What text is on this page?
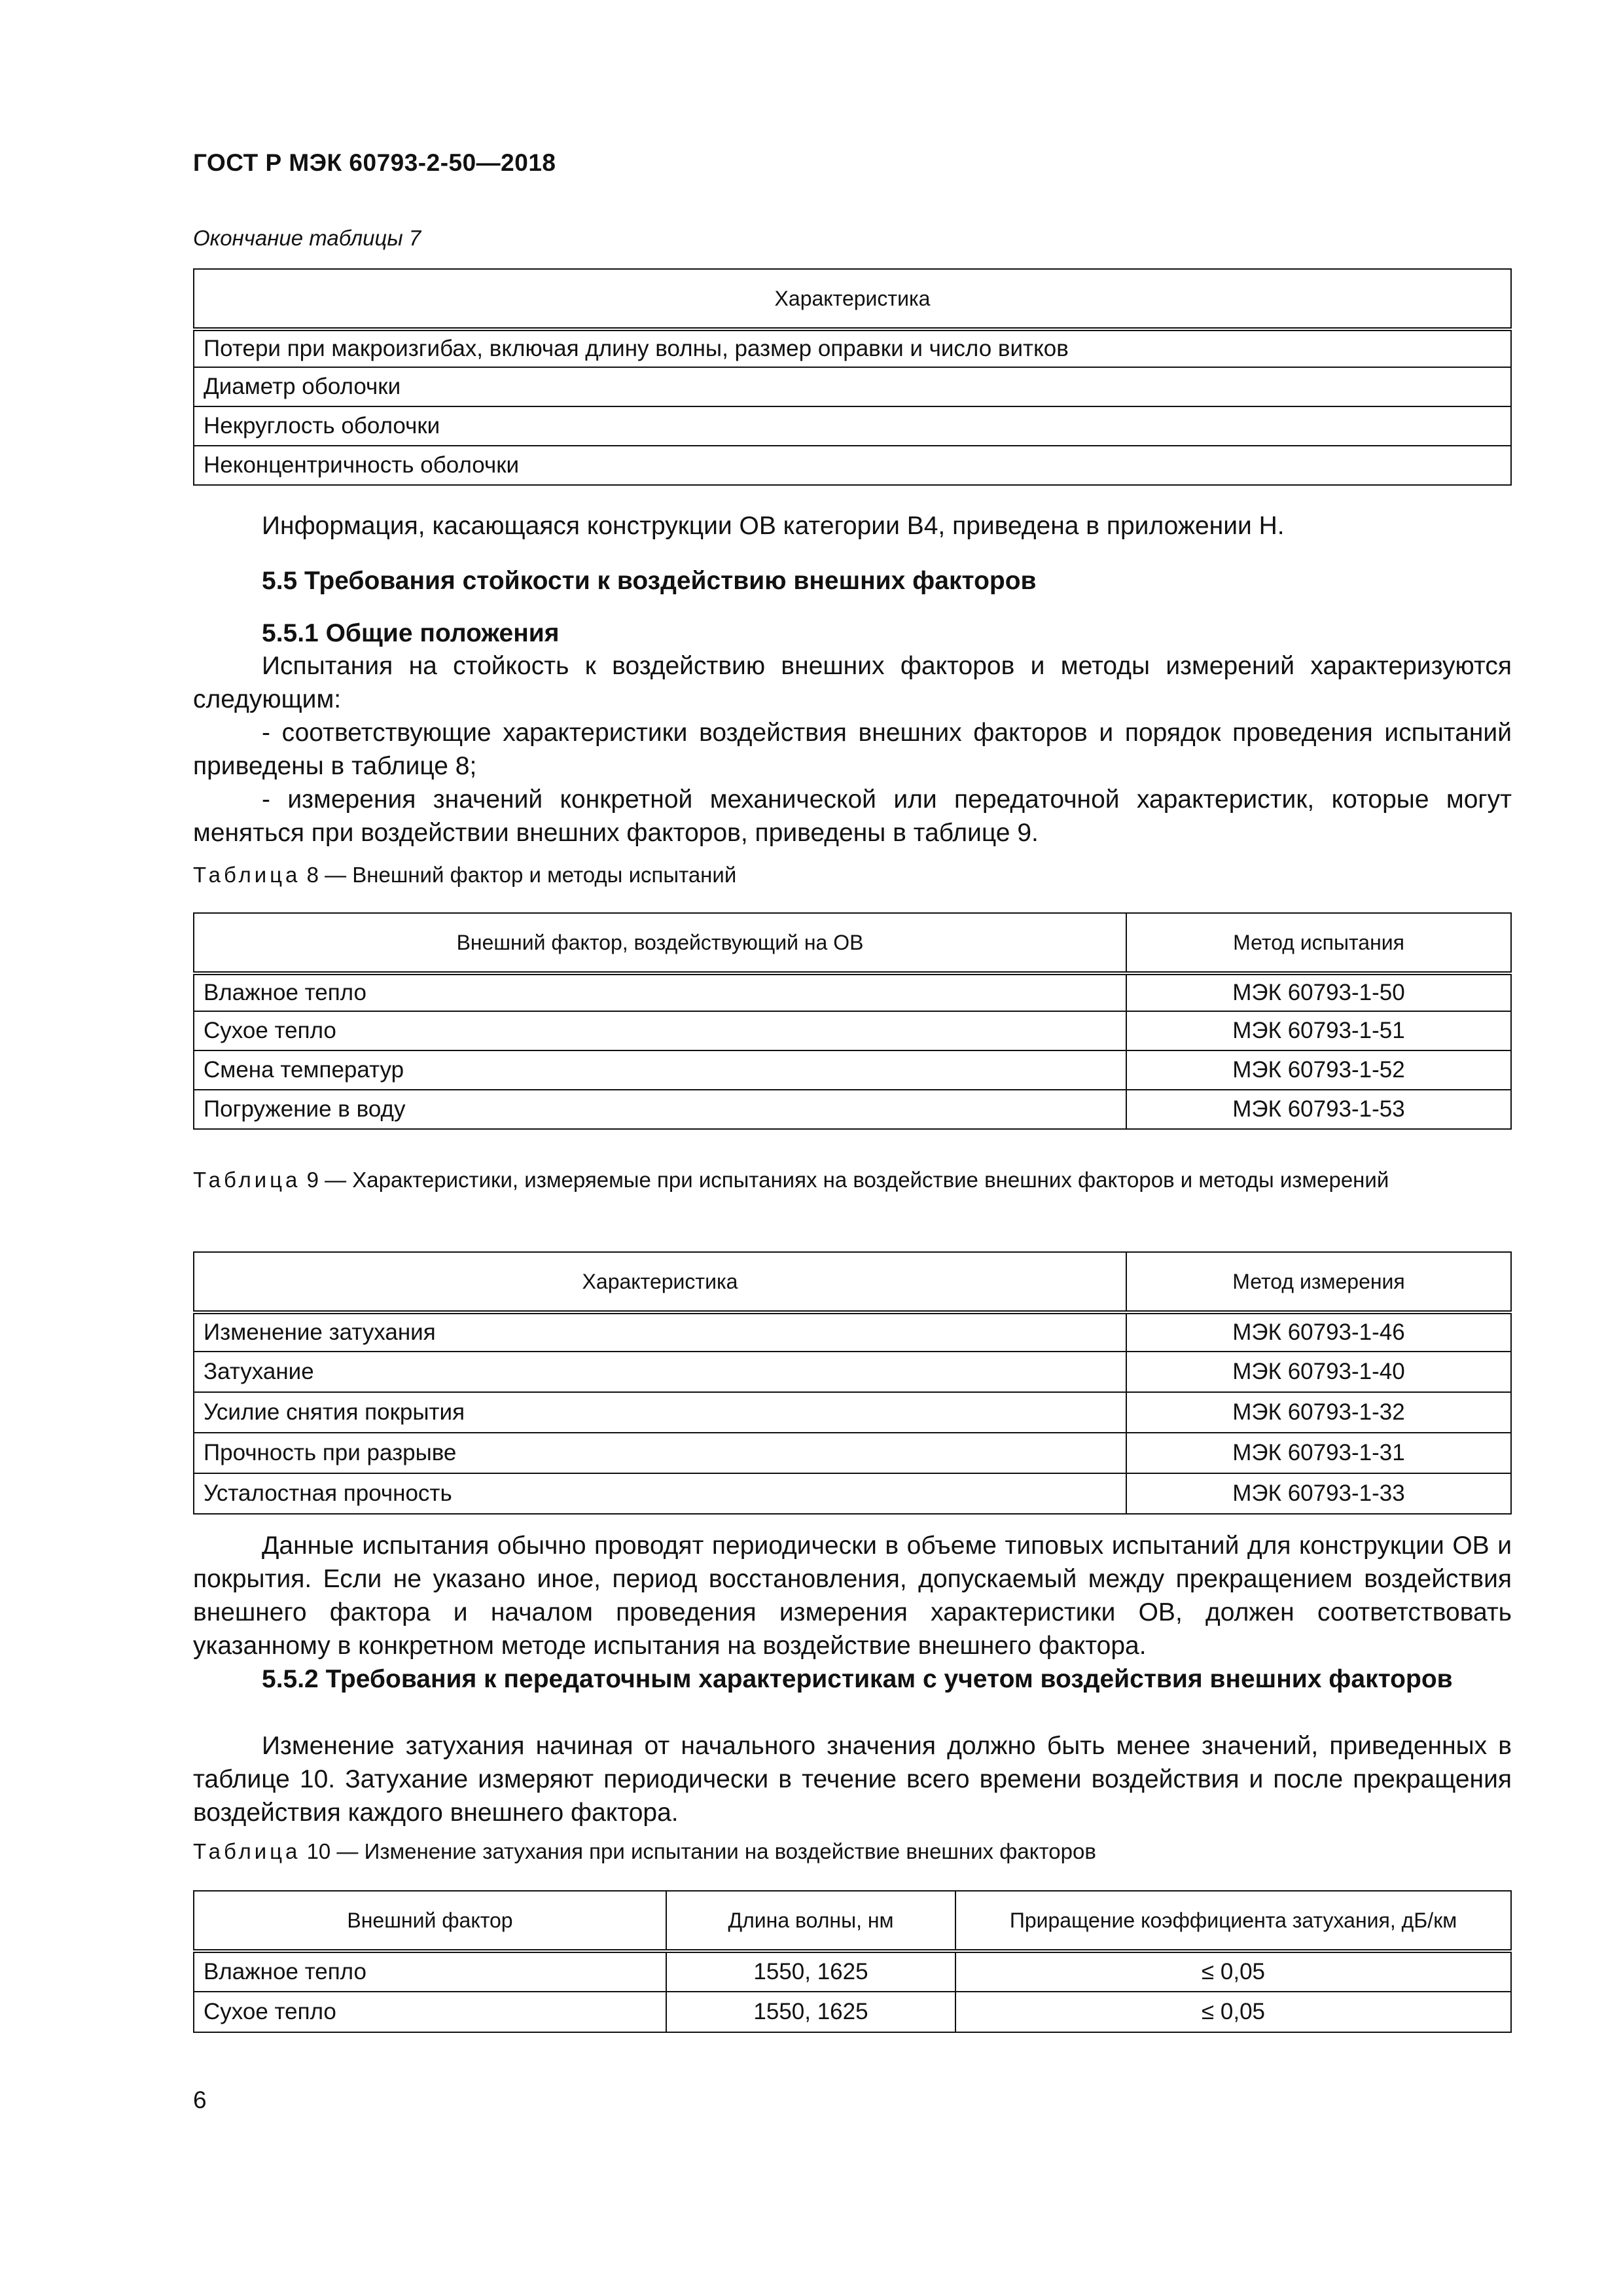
ГОСТ Р МЭК 60793-2-50—2018
Окончание таблицы 7
Характеристика
Потери при макроизгибах, включая длину волны, размер оправки и число витков
Диаметр оболочки
Некруглость оболочки
Неконцентричность оболочки
Информация, касающаяся конструкции ОВ категории В4, приведена в приложении Н.
5.5 Требования стойкости к воздействию внешних факторов
5.5.1 Общие положения
Испытания на стойкость к воздействию внешних факторов и методы измерений характеризуются следующим:
- соответствующие характеристики воздействия внешних факторов и порядок проведения испытаний приведены в таблице 8;
- измерения значений конкретной механической или передаточной характеристик, которые могут меняться при воздействии внешних факторов, приведены в таблице 9.
Таблица 8 — Внешний фактор и методы испытаний
Внешний фактор, воздействующий на ОВ	Метод испытания
Влажное тепло	МЭК 60793-1-50
Сухое тепло	МЭК 60793-1-51
Смена температур	МЭК 60793-1-52
Погружение в воду	МЭК 60793-1-53
Таблица 9 — Характеристики, измеряемые при испытаниях на воздействие внешних факторов и методы измерений
Характеристика	Метод измерения
Изменение затухания	МЭК 60793-1-46
Затухание	МЭК 60793-1-40
Усилие снятия покрытия	МЭК 60793-1-32
Прочность при разрыве	МЭК 60793-1-31
Усталостная прочность	МЭК 60793-1-33
Данные испытания обычно проводят периодически в объеме типовых испытаний для конструкции ОВ и покрытия. Если не указано иное, период восстановления, допускаемый между прекращением воздействия внешнего фактора и началом проведения измерения характеристики ОВ, должен соответствовать указанному в конкретном методе испытания на воздействие внешнего фактора.
5.5.2 Требования к передаточным характеристикам с учетом воздействия внешних факторов
Изменение затухания начиная от начального значения должно быть менее значений, приведенных в таблице 10. Затухание измеряют периодически в течение всего времени воздействия и после прекращения воздействия каждого внешнего фактора.
Таблица 10 — Изменение затухания при испытании на воздействие внешних факторов
Внешний фактор	Длина волны, нм	Приращение коэффициента затухания, дБ/км
Влажное тепло	1550, 1625	≤ 0,05
Сухое тепло	1550, 1625	≤ 0,05
6
